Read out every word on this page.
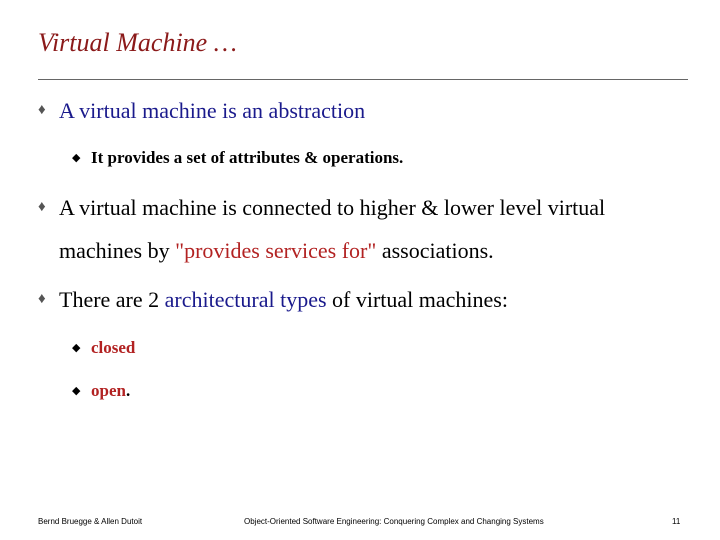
Virtual Machine …
♦ A virtual machine is an abstraction
◆ It provides a set of attributes & operations.
♦ A virtual machine is connected to higher & lower level virtual
machines by "provides services for" associations.
♦ There are 2 architectural types of virtual machines:
◆ closed
◆ open.
Bernd Bruegge & Allen Dutoit	Object-Oriented Software Engineering: Conquering Complex and Changing Systems	11
